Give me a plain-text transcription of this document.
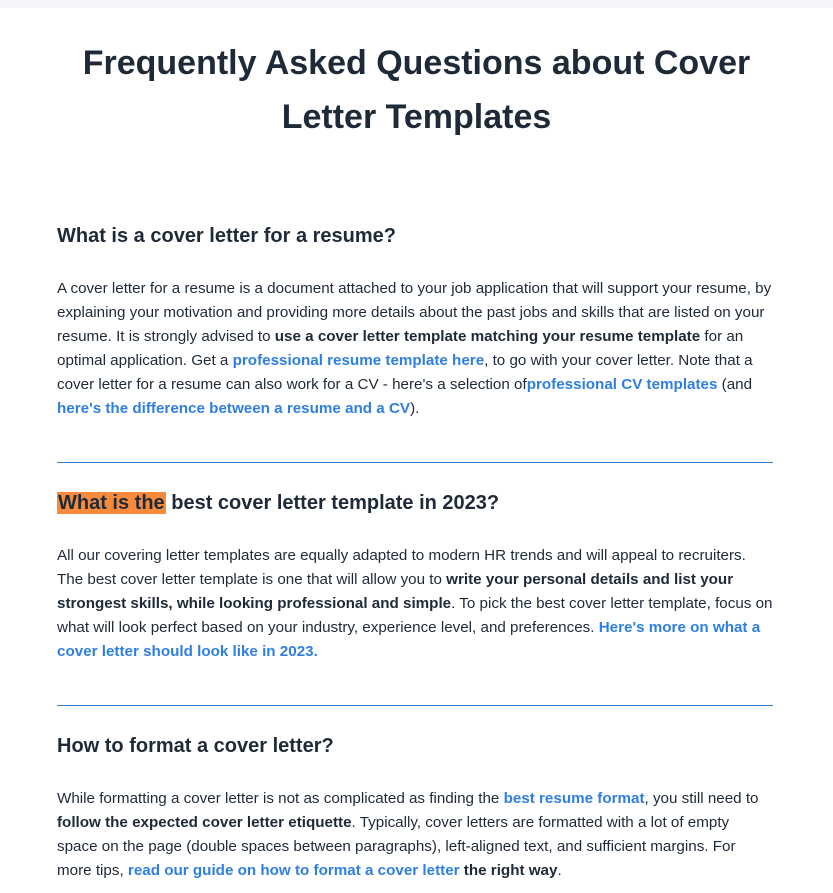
Frequently Asked Questions about Cover Letter Templates
What is a cover letter for a resume?

A cover letter for a resume is a document attached to your job application that will support your resume, by explaining your motivation and providing more details about the past jobs and skills that are listed on your resume. It is strongly advised to use a cover letter template matching your resume template for an optimal application. Get a professional resume template here, to go with your cover letter. Note that a cover letter for a resume can also work for a CV - here's a selection ofprofessional CV templates (and here's the difference between a resume and a CV).

What is the best cover letter template in 2023?

All our covering letter templates are equally adapted to modern HR trends and will appeal to recruiters. The best cover letter template is one that will allow you to write your personal details and list your strongest skills, while looking professional and simple. To pick the best cover letter template, focus on what will look perfect based on your industry, experience level, and preferences. Here's more on what a cover letter should look like in 2023.

How to format a cover letter?

While formatting a cover letter is not as complicated as finding the best resume format, you still need to follow the expected cover letter etiquette. Typically, cover letters are formatted with a lot of empty space on the page (double spaces between paragraphs), left-aligned text, and sufficient margins. For more tips, read our guide on how to format a cover letter the right way.
